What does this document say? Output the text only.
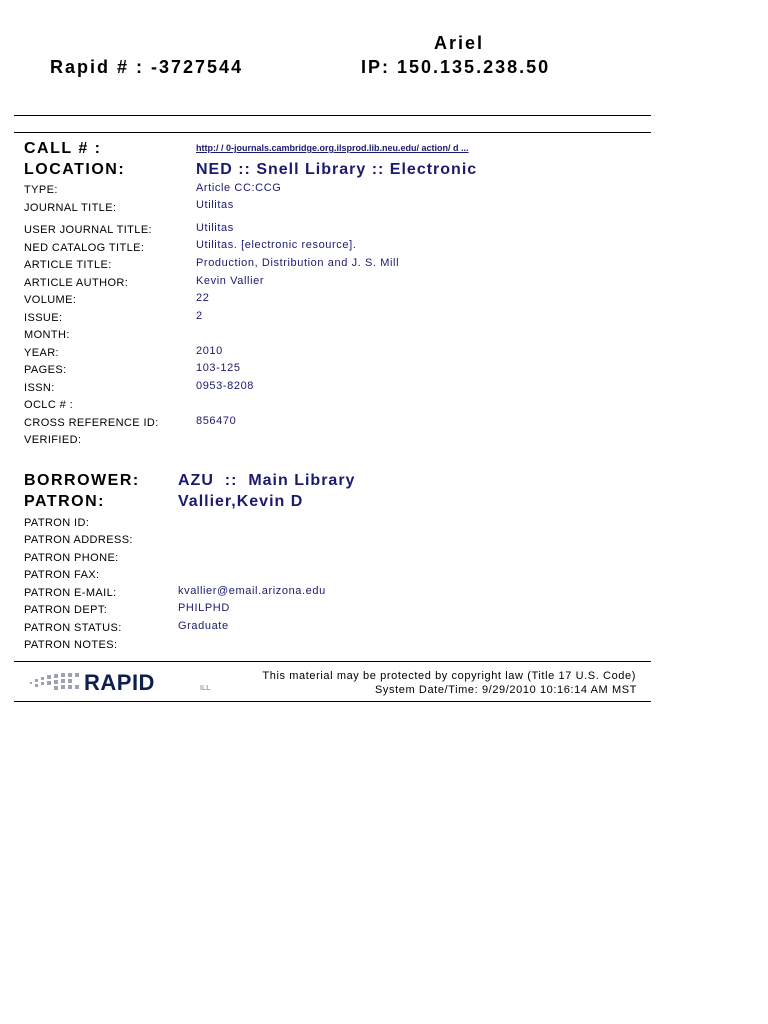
Ariel
Rapid # : -3727544	IP: 150.135.238.50
CALL # :	http:/ / 0-journals.cambridge.org.ilsprod.lib.neu.edu/ action/ d ...
LOCATION:	NED :: Snell Library :: Electronic
TYPE:	Article CC:CCG
JOURNAL TITLE:	Utilitas
USER JOURNAL TITLE:	Utilitas
NED CATALOG TITLE:	Utilitas. [electronic resource].
ARTICLE TITLE:	Production, Distribution and J. S. Mill
ARTICLE AUTHOR:	Kevin Vallier
VOLUME:	22
ISSUE:	2
MONTH:
YEAR:	2010
PAGES:	103-125
ISSN:	0953-8208
OCLC # :
CROSS REFERENCE ID:	856470
VERIFIED:
BORROWER: AZU  ::  Main Library
PATRON:	Vallier,Kevin D
PATRON ID:
PATRON ADDRESS:
PATRON PHONE:
PATRON FAX:
PATRON E-MAIL:	kvallier@email.arizona.edu
PATRON DEPT:	PHILPHD
PATRON STATUS:	Graduate
PATRON NOTES:
RAPID	ILL
This material may be protected by copyright law (Title 17 U.S. Code)
System Date/Time: 9/29/2010 10:16:14 AM MST
